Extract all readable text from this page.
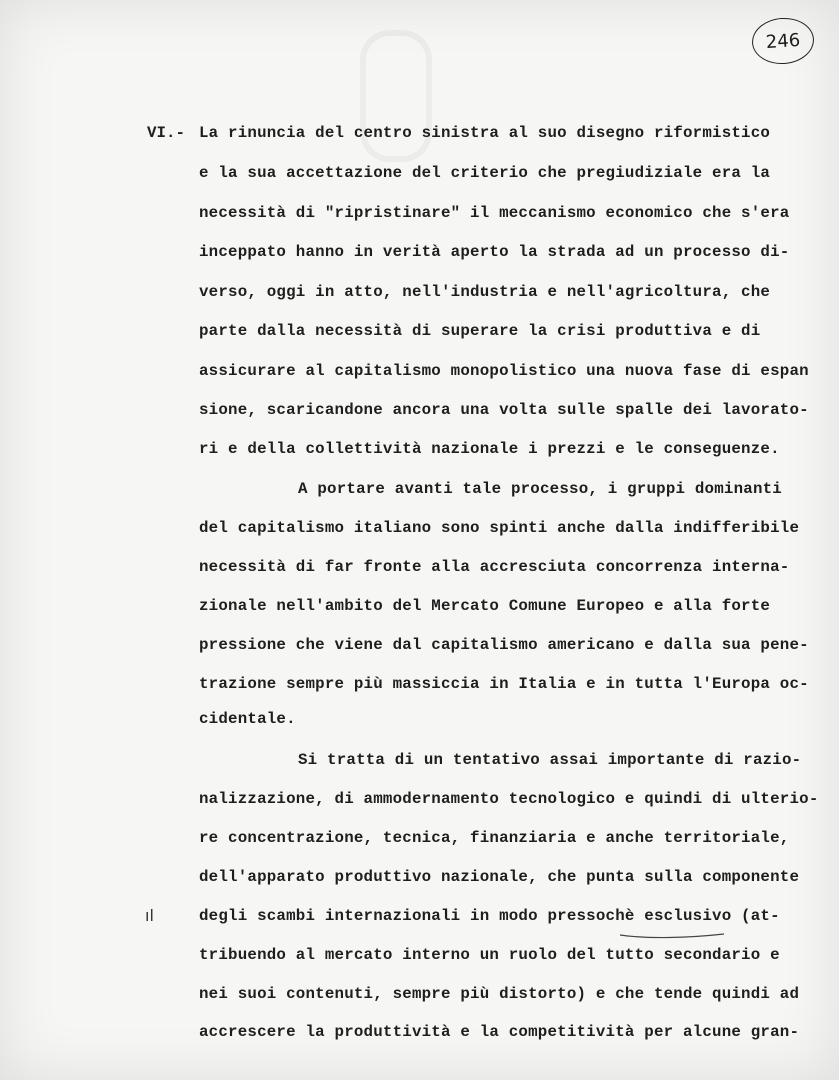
246
VI.- La rinuncia del centro sinistra al suo disegno riformistico
e la sua accettazione del criterio che pregiudiziale era la
necessità di "ripristinare" il meccanismo economico che s'era
inceppato hanno in verità aperto la strada ad un processo di-
verso, oggi in atto, nell'industria e nell'agricoltura, che
parte dalla necessità di superare la crisi produttiva e di
assicurare al capitalismo monopolistico una nuova fase di espan
sione, scaricandone ancora una volta sulle spalle dei lavorato-
ri e della collettività nazionale i prezzi e le conseguenze.
A portare avanti tale processo, i gruppi dominanti
del capitalismo italiano sono spinti anche dalla indifferibile
necessità di far fronte alla accresciuta concorrenza interna-
zionale nell'ambito del Mercato Comune Europeo e alla forte
pressione che viene dal capitalismo americano e dalla sua pene-
trazione sempre più massiccia in Italia e in tutta l'Europa oc-
cidentale.
Si tratta di un tentativo assai importante di razio-
nalizzazione, di ammodernamento tecnologico e quindi di ulterio-
re concentrazione, tecnica, finanziaria e anche territoriale,
dell'apparato produttivo nazionale, che punta sulla componente
degli scambi internazionali in modo pressochè esclusivo (at-
tribuendo al mercato interno un ruolo del tutto secondario e
nei suoi contenuti, sempre più distorto) e che tende quindi ad
accrescere la produttività e la competitività per alcune gran-
ıl
